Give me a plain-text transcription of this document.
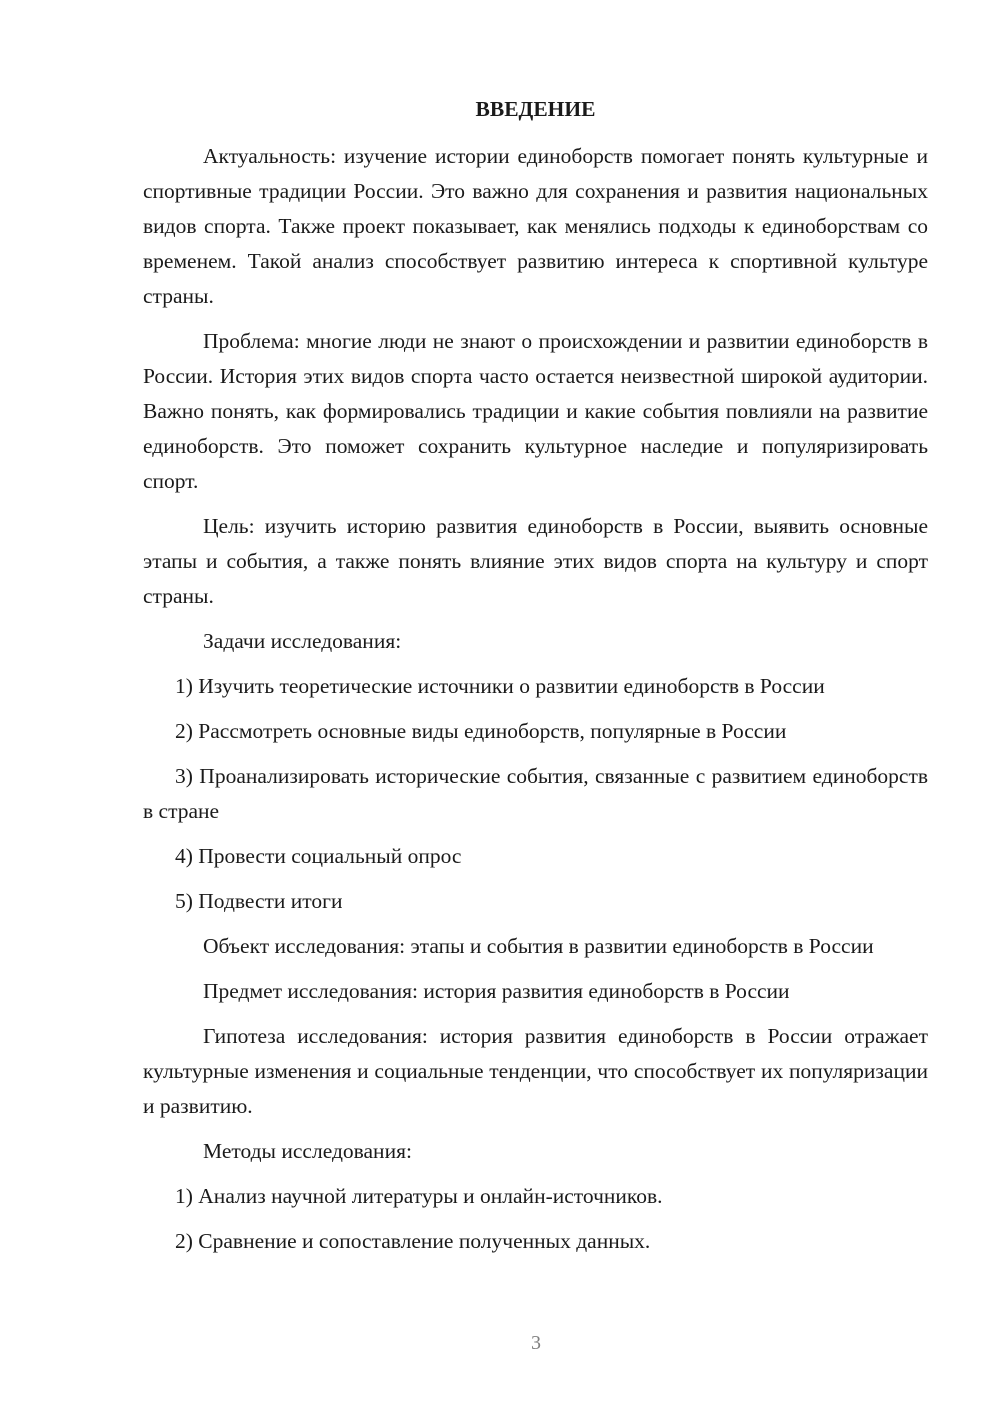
ВВЕДЕНИЕ

Актуальность: изучение истории единоборств помогает понять культурные и спортивные традиции России. Это важно для сохранения и развития национальных видов спорта. Также проект показывает, как менялись подходы к единоборствам со временем. Такой анализ способствует развитию интереса к спортивной культуре страны.

Проблема: многие люди не знают о происхождении и развитии единоборств в России. История этих видов спорта часто остается неизвестной широкой аудитории. Важно понять, как формировались традиции и какие события повлияли на развитие единоборств. Это поможет сохранить культурное наследие и популяризировать спорт.

Цель: изучить историю развития единоборств в России, выявить основные этапы и события, а также понять влияние этих видов спорта на культуру и спорт страны.

Задачи исследования:

1) Изучить теоретические источники о развитии единоборств в России

2) Рассмотреть основные виды единоборств, популярные в России

3) Проанализировать исторические события, связанные с развитием единоборств в стране

4) Провести социальный опрос

5) Подвести итоги

Объект исследования: этапы и события в развитии единоборств в России

Предмет исследования: история развития единоборств в России

Гипотеза исследования: история развития единоборств в России отражает культурные изменения и социальные тенденции, что способствует их популяризации и развитию.

Методы исследования:

1) Анализ научной литературы и онлайн-источников.

2) Сравнение и сопоставление полученных данных.

3
